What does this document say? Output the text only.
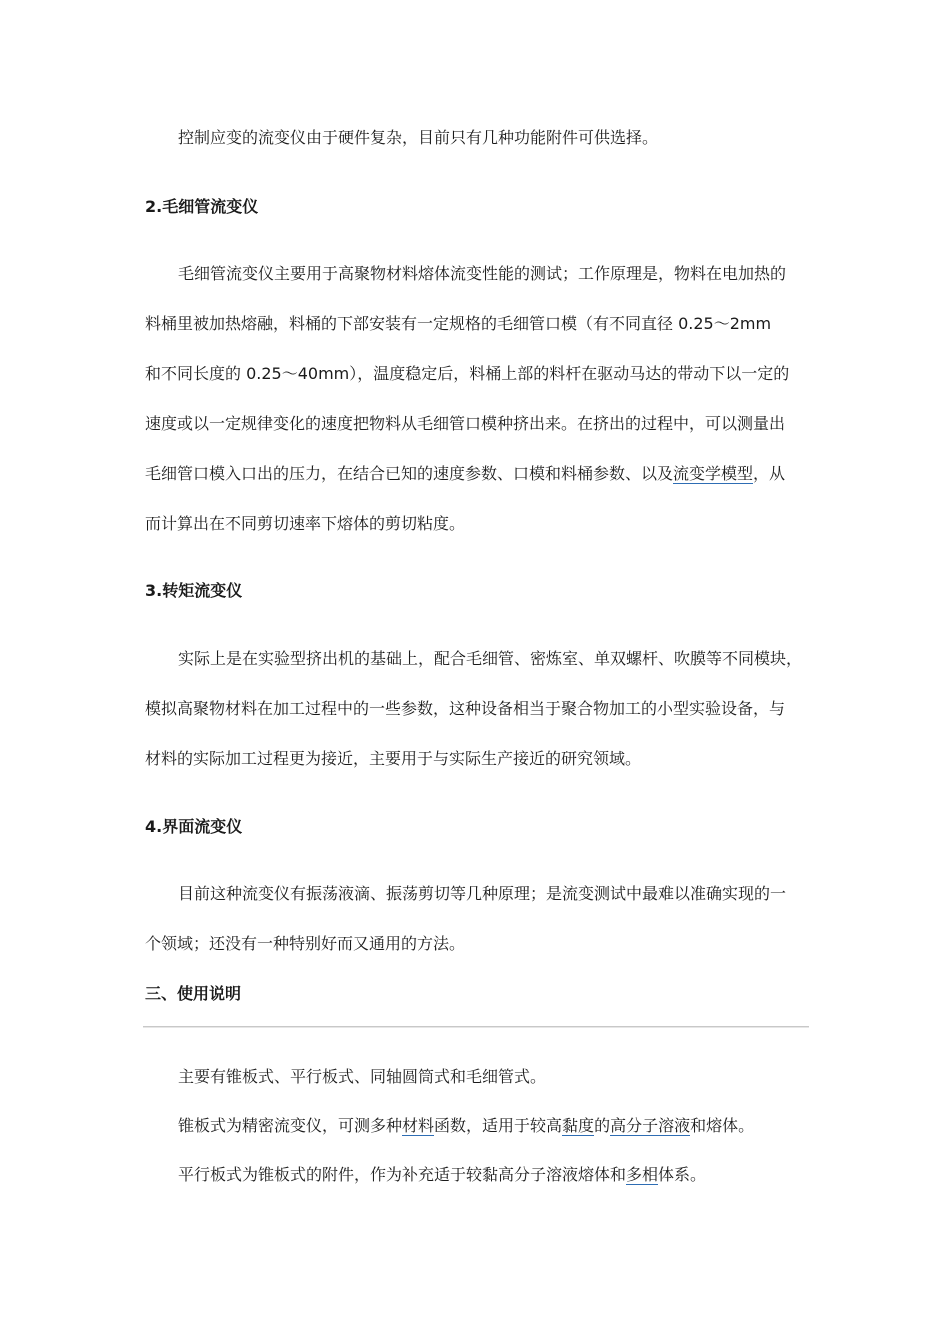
控制应变的流变仪由于硬件复杂，目前只有几种功能附件可供选择。
2.毛细管流变仪
毛细管流变仪主要用于高聚物材料熔体流变性能的测试；工作原理是，物料在电加热的
料桶里被加热熔融，料桶的下部安装有一定规格的毛细管口模（有不同直径 0.25～2mm
和不同长度的 0.25～40mm），温度稳定后，料桶上部的料杆在驱动马达的带动下以一定的
速度或以一定规律变化的速度把物料从毛细管口模种挤出来。在挤出的过程中，可以测量出
毛细管口模入口出的压力，在结合已知的速度参数、口模和料桶参数、以及流变学模型，从
而计算出在不同剪切速率下熔体的剪切粘度。
3.转矩流变仪
实际上是在实验型挤出机的基础上，配合毛细管、密炼室、单双螺杆、吹膜等不同模块，
模拟高聚物材料在加工过程中的一些参数，这种设备相当于聚合物加工的小型实验设备，与
材料的实际加工过程更为接近，主要用于与实际生产接近的研究领域。
4.界面流变仪
目前这种流变仪有振荡液滴、振荡剪切等几种原理；是流变测试中最难以准确实现的一
个领域；还没有一种特别好而又通用的方法。
三、使用说明
主要有锥板式、平行板式、同轴圆筒式和毛细管式。
锥板式为精密流变仪，可测多种材料函数，适用于较高黏度的高分子溶液和熔体。
平行板式为锥板式的附件，作为补充适于较黏高分子溶液熔体和多相体系。
